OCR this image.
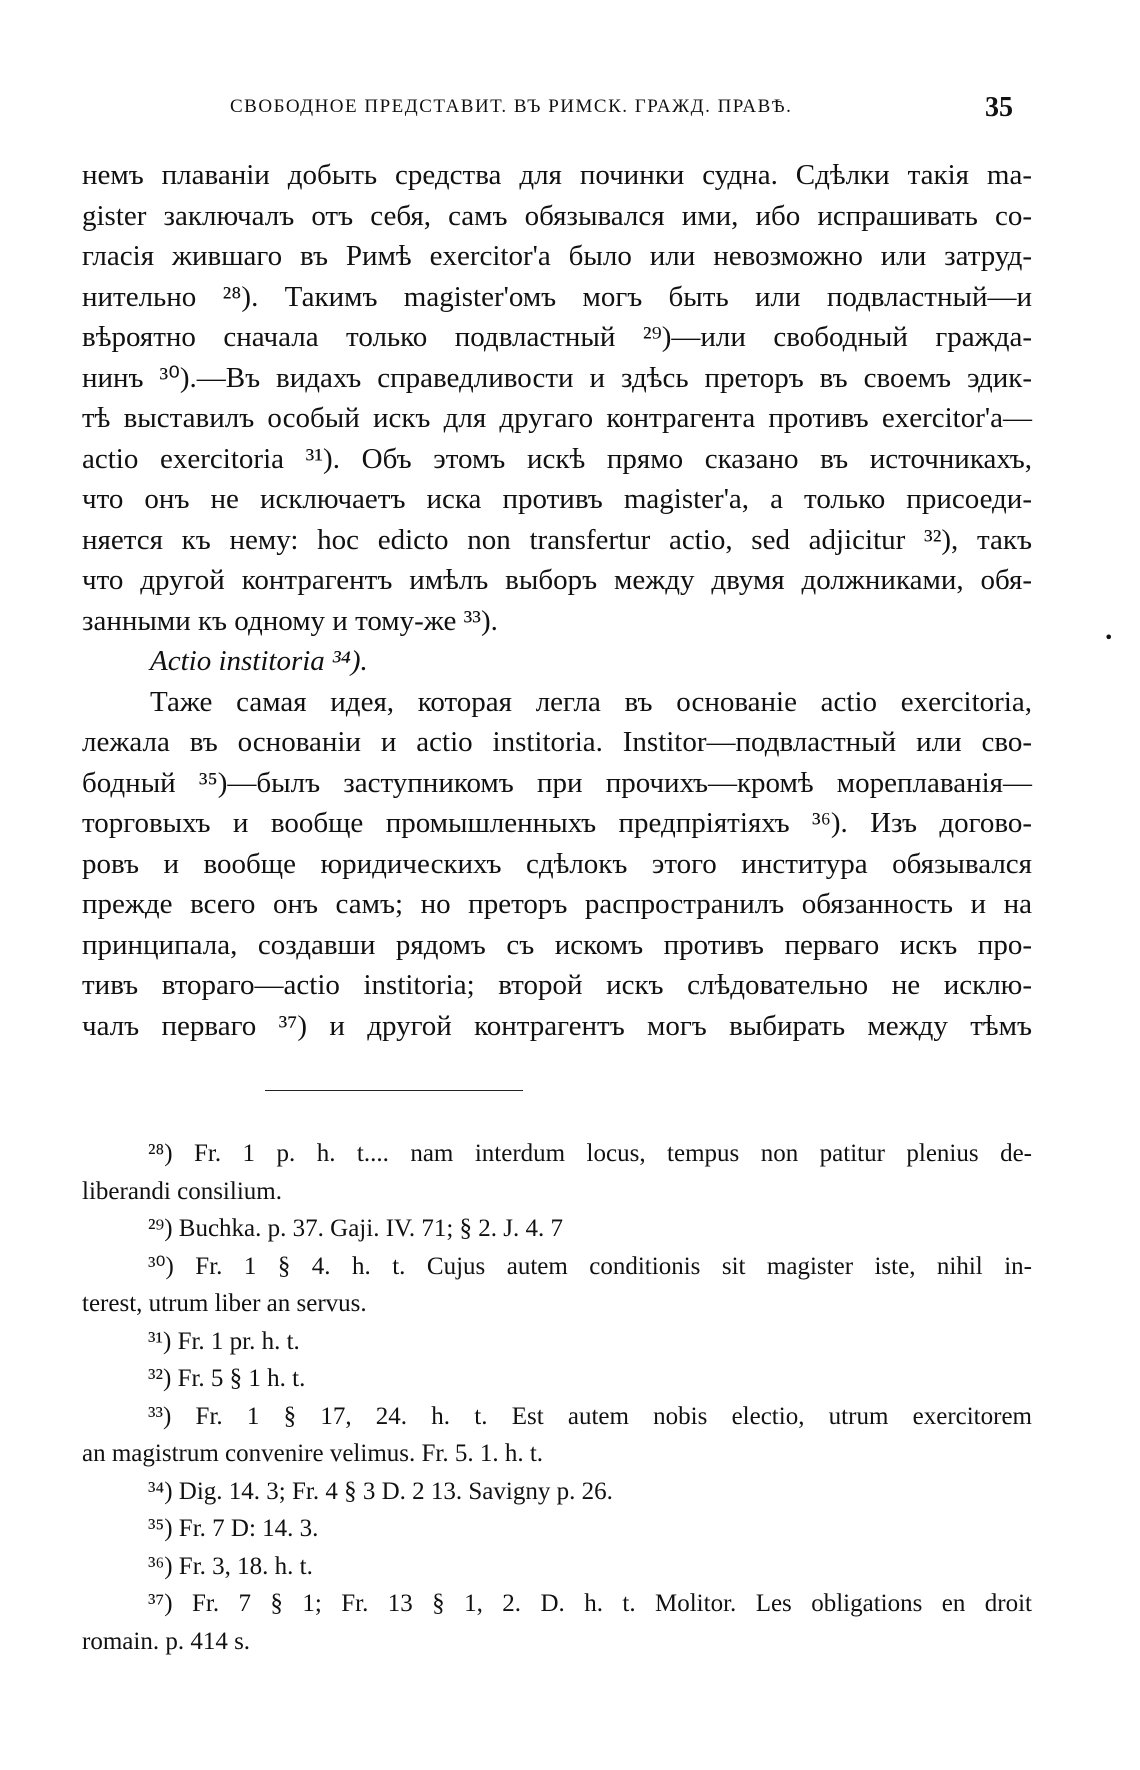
СВОБОДНОЕ ПРЕДСТАВИТ. ВЪ РИМСК. ГРАЖД. ПРАВѢ.	35
немъ плаваніи добыть средства для починки судна. Сдѣлки такія ma-
gister заключалъ отъ себя, самъ обязывался ими, ибо испрашивать со-
гласія жившаго въ Римѣ exercitor'а было или невозможно или затруд-
нительно ²⁸). Такимъ magister'омъ могъ быть или подвластный—и
вѣроятно сначала только подвластный ²⁹)—или свободный гражда-
нинъ ³⁰).—Въ видахъ справедливости и здѣсь преторъ въ своемъ эдик-
тѣ выставилъ особый искъ для другаго контрагента противъ exercitor'а—
actio exercitoria ³¹). Объ этомъ искѣ прямо сказано въ источникахъ,
что онъ не исключаетъ иска противъ magister'а, а только присоеди-
няется къ нему: hoc edicto non transfertur actio, sed adjicitur ³²), такъ
что другой контрагентъ имѣлъ выборъ между двумя должниками, обя-
занными къ одному и тому-же ³³).
Actio institoria ³⁴).
Таже самая идея, которая легла въ основаніе actio exercitoria,
лежала въ основаніи и actio institoria. Institor—подвластный или сво-
бодный ³⁵)—былъ заступникомъ при прочихъ—кромѣ мореплаванія—
торговыхъ и вообще промышленныхъ предпріятіяхъ ³⁶). Изъ догово-
ровъ и вообще юридическихъ сдѣлокъ этого институра обязывался
прежде всего онъ самъ; но преторъ распространилъ обязанность и на
принципала, создавши рядомъ съ искомъ противъ перваго искъ про-
тивъ втораго—actio institoria; второй искъ слѣдовательно не исклю-
чалъ перваго ³⁷) и другой контрагентъ могъ выбирать между тѣмъ
²⁸) Fr. 1 p. h. t.... nam interdum locus, tempus non patitur plenius de-
liberandi consilium.
²⁹) Buchka. p. 37. Gaji. IV. 71; § 2. J. 4. 7
³⁰) Fr. 1 § 4. h. t. Cujus autem conditionis sit magister iste, nihil in-
terest, utrum liber an servus.
³¹) Fr. 1 pr. h. t.
³²) Fr. 5 § 1 h. t.
³³) Fr. 1 § 17, 24. h. t. Est autem nobis electio, utrum exercitorem
an magistrum convenire velimus. Fr. 5. 1. h. t.
³⁴) Dig. 14. 3; Fr. 4 § 3 D. 2 13. Savigny p. 26.
³⁵) Fr. 7 D: 14. 3.
³⁶) Fr. 3, 18. h. t.
³⁷) Fr. 7 § 1; Fr. 13 § 1, 2. D. h. t. Molitor. Les obligations en droit
romain. p. 414 s.
•
